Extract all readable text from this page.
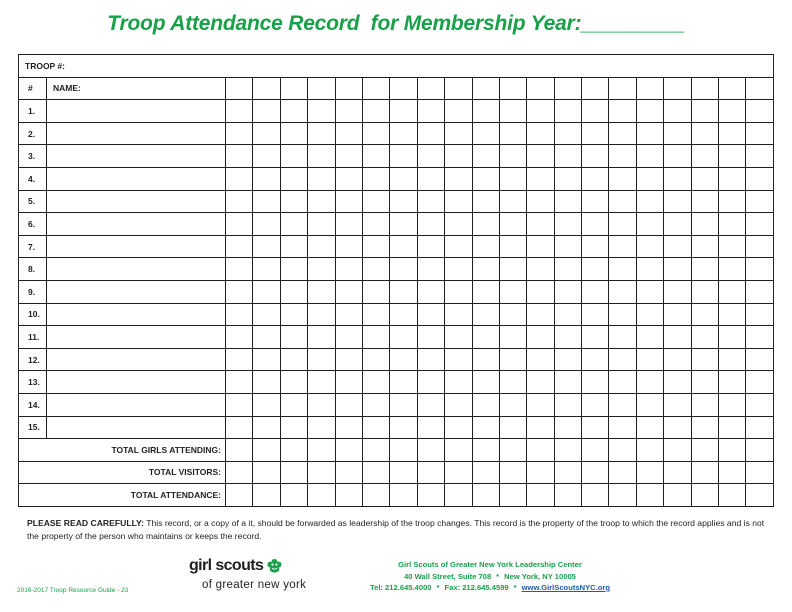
Troop Attendance Record  for Membership Year:_________
TROOP #:																					
#	NAME:																				
1.																					
2.																					
3.																					
4.																					
5.																					
6.																					
7.																					
8.																					
9.																					
10.																					
11.																					
12.																					
13.																					
14.																					
15.																					
TOTAL GIRLS ATTENDING:																					
TOTAL VISITORS:																					
TOTAL ATTENDANCE:																					
PLEASE READ CAREFULLY: This record, or a copy of a it, should be forwarded as leadership of the troop changes. This record is the property of the troop to which the record applies and is not the property of the person who maintains or keeps the record.
2016-2017 Troop Resource Guide - 23
girl scouts
of greater new york
Girl Scouts of Greater New York Leadership Center
40 Wall Street, Suite 708 * New York, NY 10005
Tel: 212.645.4000 * Fax: 212.645.4599 * www.GirlScoutsNYC.org
